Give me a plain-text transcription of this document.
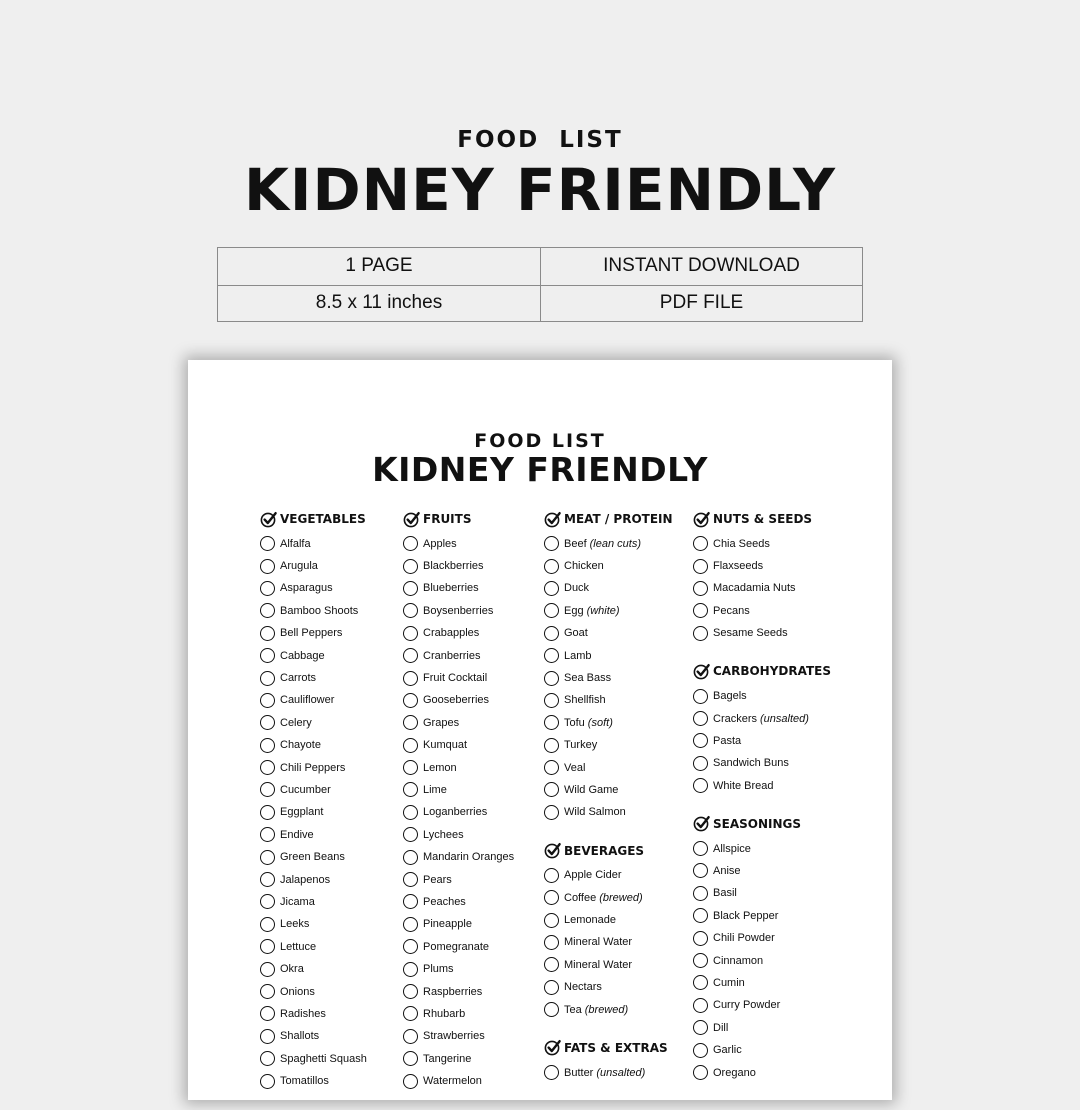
FOOD  LIST
KIDNEY FRIENDLY
1 PAGE	INSTANT DOWNLOAD
8.5 x 11 inches	PDF FILE
FOOD LIST
KIDNEY FRIENDLY
VEGETABLES
Alfalfa
Arugula
Asparagus
Bamboo Shoots
Bell Peppers
Cabbage
Carrots
Cauliflower
Celery
Chayote
Chili Peppers
Cucumber
Eggplant
Endive
Green Beans
Jalapenos
Jicama
Leeks
Lettuce
Okra
Onions
Radishes
Shallots
Spaghetti Squash
Tomatillos
FRUITS
Apples
Blackberries
Blueberries
Boysenberries
Crabapples
Cranberries
Fruit Cocktail
Gooseberries
Grapes
Kumquat
Lemon
Lime
Loganberries
Lychees
Mandarin Oranges
Pears
Peaches
Pineapple
Pomegranate
Plums
Raspberries
Rhubarb
Strawberries
Tangerine
Watermelon
MEAT / PROTEIN
Beef (lean cuts)
Chicken
Duck
Egg (white)
Goat
Lamb
Sea Bass
Shellfish
Tofu (soft)
Turkey
Veal
Wild Game
Wild Salmon
BEVERAGES
Apple Cider
Coffee (brewed)
Lemonade
Mineral Water
Mineral Water
Nectars
Tea (brewed)
FATS & EXTRAS
Butter (unsalted)
NUTS & SEEDS
Chia Seeds
Flaxseeds
Macadamia Nuts
Pecans
Sesame Seeds
CARBOHYDRATES
Bagels
Crackers (unsalted)
Pasta
Sandwich Buns
White Bread
SEASONINGS
Allspice
Anise
Basil
Black Pepper
Chili Powder
Cinnamon
Cumin
Curry Powder
Dill
Garlic
Oregano
